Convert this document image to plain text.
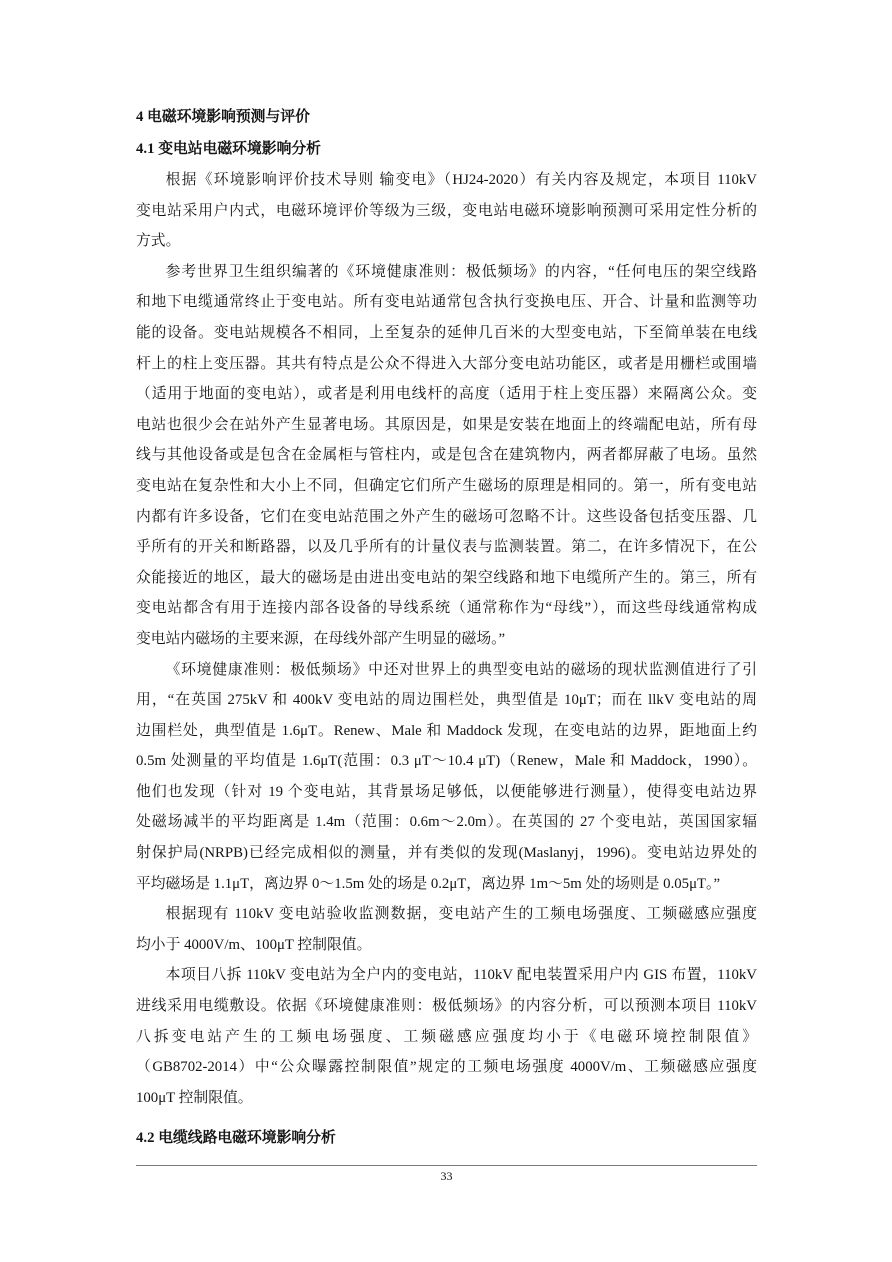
4 电磁环境影响预测与评价
4.1 变电站电磁环境影响分析
根据《环境影响评价技术导则 输变电》（HJ24-2020）有关内容及规定，本项目 110kV
变电站采用户内式，电磁环境评价等级为三级，变电站电磁环境影响预测可采用定性分析的
方式。
参考世界卫生组织编著的《环境健康准则：极低频场》的内容，“任何电压的架空线路
和地下电缆通常终止于变电站。所有变电站通常包含执行变换电压、开合、计量和监测等功
能的设备。变电站规模各不相同，上至复杂的延伸几百米的大型变电站，下至简单装在电线
杆上的柱上变压器。其共有特点是公众不得进入大部分变电站功能区，或者是用栅栏或围墙
（适用于地面的变电站），或者是利用电线杆的高度（适用于柱上变压器）来隔离公众。变
电站也很少会在站外产生显著电场。其原因是，如果是安装在地面上的终端配电站，所有母
线与其他设备或是包含在金属柜与管柱内，或是包含在建筑物内，两者都屏蔽了电场。虽然
变电站在复杂性和大小上不同，但确定它们所产生磁场的原理是相同的。第一，所有变电站
内都有许多设备，它们在变电站范围之外产生的磁场可忽略不计。这些设备包括变压器、几
乎所有的开关和断路器，以及几乎所有的计量仪表与监测装置。第二，在许多情况下，在公
众能接近的地区，最大的磁场是由进出变电站的架空线路和地下电缆所产生的。第三，所有
变电站都含有用于连接内部各设备的导线系统（通常称作为“母线”），而这些母线通常构成
变电站内磁场的主要来源，在母线外部产生明显的磁场。”
《环境健康准则：极低频场》中还对世界上的典型变电站的磁场的现状监测值进行了引
用，“在英国 275kV 和 400kV 变电站的周边围栏处，典型值是 10μT；而在 llkV 变电站的周
边围栏处，典型值是 1.6μT。Renew、Male 和 Maddock 发现，在变电站的边界，距地面上约
0.5m 处测量的平均值是 1.6μT(范围：0.3 μT～10.4 μT)（Renew，Male 和 Maddock，1990）。
他们也发现（针对 19 个变电站，其背景场足够低，以便能够进行测量），使得变电站边界
处磁场减半的平均距离是 1.4m（范围：0.6m～2.0m）。在英国的 27 个变电站，英国国家辐
射保护局(NRPB)已经完成相似的测量，并有类似的发现(Maslanyj，1996)。变电站边界处的
平均磁场是 1.1μT，离边界 0～1.5m 处的场是 0.2μT，离边界 1m～5m 处的场则是 0.05μT。”
根据现有 110kV 变电站验收监测数据，变电站产生的工频电场强度、工频磁感应强度
均小于 4000V/m、100μT 控制限值。
本项目八拆 110kV 变电站为全户内的变电站，110kV 配电装置采用户内 GIS 布置，110kV
进线采用电缆敷设。依据《环境健康准则：极低频场》的内容分析，可以预测本项目 110kV
八拆变电站产生的工频电场强度、工频磁感应强度均小于《电磁环境控制限值》
（GB8702-2014）中“公众曝露控制限值”规定的工频电场强度 4000V/m、工频磁感应强度
100μT 控制限值。
4.2 电缆线路电磁环境影响分析
33
